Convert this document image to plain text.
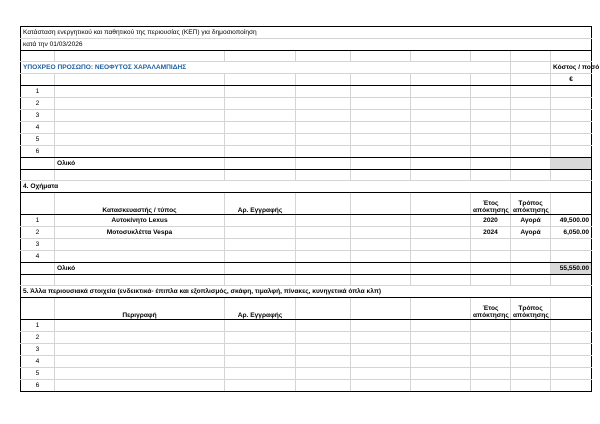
Κατάσταση ενεργητικού και παθητικού της περιουσίας (ΚΕΠ) για δημοσιοποίηση								
κατά την 01/03/2026								

ΥΠΟΧΡΕΟ ΠΡΟΣΩΠΟ: ΝΕΟΦΥΤΟΣ ΧΑΡΑΛΑΜΠΙΔΗΣ								Κόστος / ποσό
								€
1								
2								
3								
4								
5								
6								
	Ολικό							

4. Οχήματα								
	Κατασκευαστής / τύπος	Αρ. Εγγραφής				Έτος απόκτησης	Τρόπος απόκτησης	
1	Αυτοκίνητο Lexus					2020	Αγορά	49,500.00
2	Μοτοσυκλέττα Vespa					2024	Αγορά	6,050.00
3								
4								
	Ολικό							55,550.00

5. Άλλα περιουσιακά στοιχεία (ενδεικτικά- έπιπλα και εξοπλισμός, σκάφη, τιμαλφή, πίνακες, κυνηγετικά όπλα κλπ)								
	Περιγραφή	Αρ. Εγγραφής				Έτος απόκτησης	Τρόπος απόκτησης	
1								
2								
3								
4								
5								
6								
